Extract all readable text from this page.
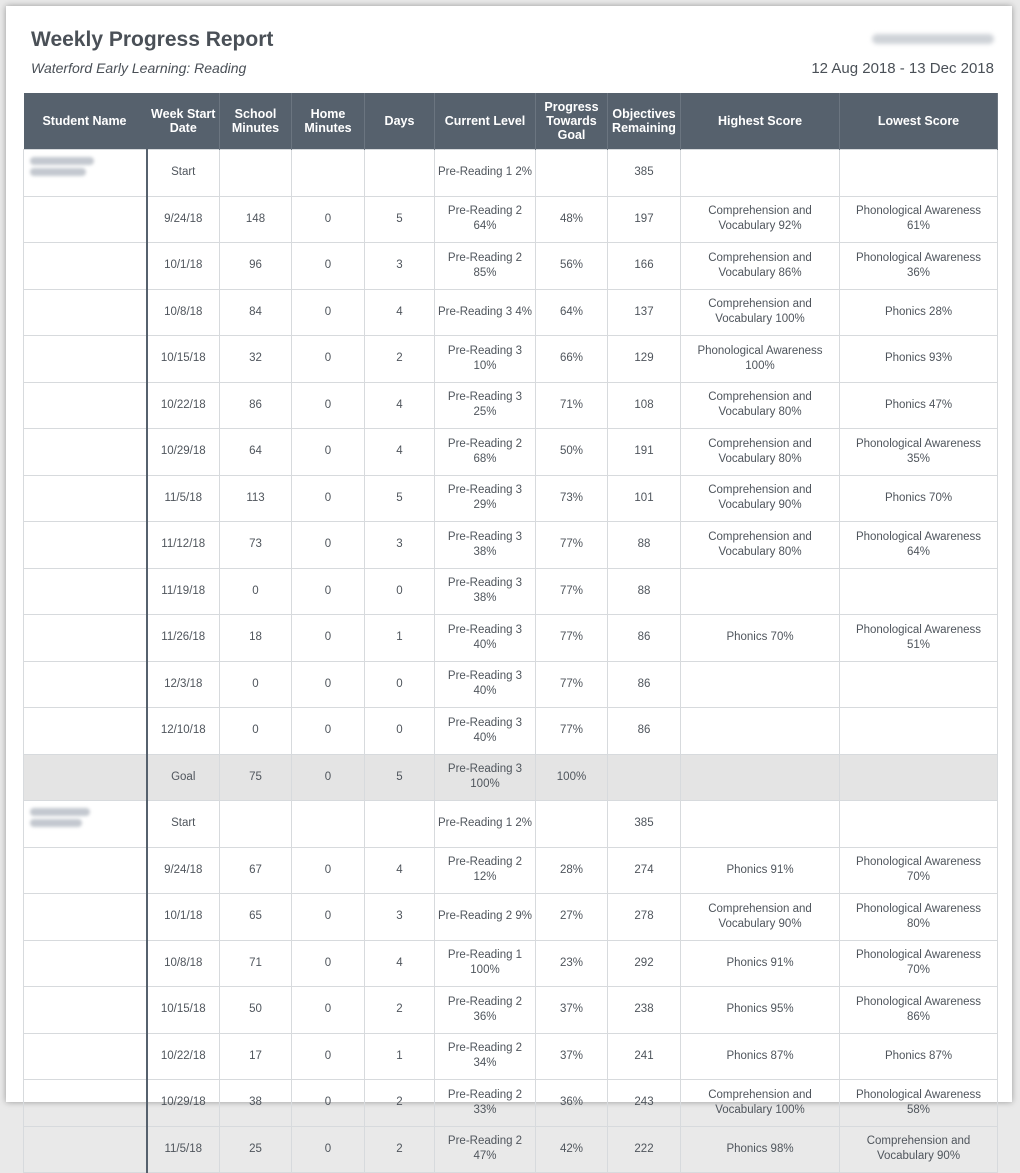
Weekly Progress Report
Waterford Early Learning: Reading	12 Aug 2018 - 13 Dec 2018
Student Name	Week Start Date	School Minutes	Home Minutes	Days	Current Level	Progress Towards Goal	Objectives Remaining	Highest Score	Lowest Score

	Start				Pre-Reading 1 2%		385		
	9/24/18	148	0	5	Pre-Reading 2 64%	48%	197	Comprehension and Vocabulary 92%	Phonological Awareness 61%
	10/1/18	96	0	3	Pre-Reading 2 85%	56%	166	Comprehension and Vocabulary 86%	Phonological Awareness 36%
	10/8/18	84	0	4	Pre-Reading 3 4%	64%	137	Comprehension and Vocabulary 100%	Phonics 28%
	10/15/18	32	0	2	Pre-Reading 3 10%	66%	129	Phonological Awareness 100%	Phonics 93%
	10/22/18	86	0	4	Pre-Reading 3 25%	71%	108	Comprehension and Vocabulary 80%	Phonics 47%
	10/29/18	64	0	4	Pre-Reading 2 68%	50%	191	Comprehension and Vocabulary 80%	Phonological Awareness 35%
	11/5/18	113	0	5	Pre-Reading 3 29%	73%	101	Comprehension and Vocabulary 90%	Phonics 70%
	11/12/18	73	0	3	Pre-Reading 3 38%	77%	88	Comprehension and Vocabulary 80%	Phonological Awareness 64%
	11/19/18	0	0	0	Pre-Reading 3 38%	77%	88		
	11/26/18	18	0	1	Pre-Reading 3 40%	77%	86	Phonics 70%	Phonological Awareness 51%
	12/3/18	0	0	0	Pre-Reading 3 40%	77%	86		
	12/10/18	0	0	0	Pre-Reading 3 40%	77%	86		
	Goal	75	0	5	Pre-Reading 3 100%	100%			

	Start				Pre-Reading 1 2%		385		
	9/24/18	67	0	4	Pre-Reading 2 12%	28%	274	Phonics 91%	Phonological Awareness 70%
	10/1/18	65	0	3	Pre-Reading 2 9%	27%	278	Comprehension and Vocabulary 90%	Phonological Awareness 80%
	10/8/18	71	0	4	Pre-Reading 1 100%	23%	292	Phonics 91%	Phonological Awareness 70%
	10/15/18	50	0	2	Pre-Reading 2 36%	37%	238	Phonics 95%	Phonological Awareness 86%
	10/22/18	17	0	1	Pre-Reading 2 34%	37%	241	Phonics 87%	Phonics 87%
	10/29/18	38	0	2	Pre-Reading 2 33%	36%	243	Comprehension and Vocabulary 100%	Phonological Awareness 58%
	11/5/18	25	0	2	Pre-Reading 2 47%	42%	222	Phonics 98%	Comprehension and Vocabulary 90%
